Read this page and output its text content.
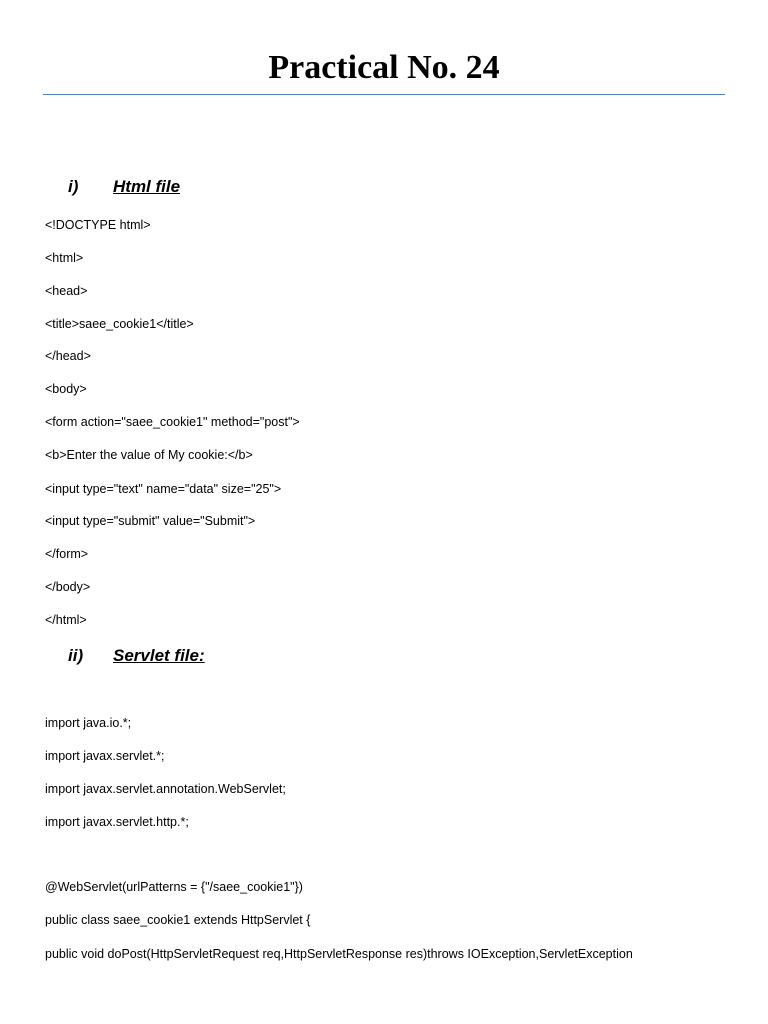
Practical No. 24
i) Html file
<!DOCTYPE html>
<html>
<head>
<title>saee_cookie1</title>
</head>
<body>
<form action="saee_cookie1" method="post">
<b>Enter the value of My cookie:</b>
<input type="text" name="data" size="25">
<input type="submit" value="Submit">
</form>
</body>
</html>
ii) Servlet file:
import java.io.*;
import javax.servlet.*;
import javax.servlet.annotation.WebServlet;
import javax.servlet.http.*;
@WebServlet(urlPatterns = {"/saee_cookie1"})
public class saee_cookie1 extends HttpServlet {
public void doPost(HttpServletRequest req,HttpServletResponse res)throws IOException,ServletException
